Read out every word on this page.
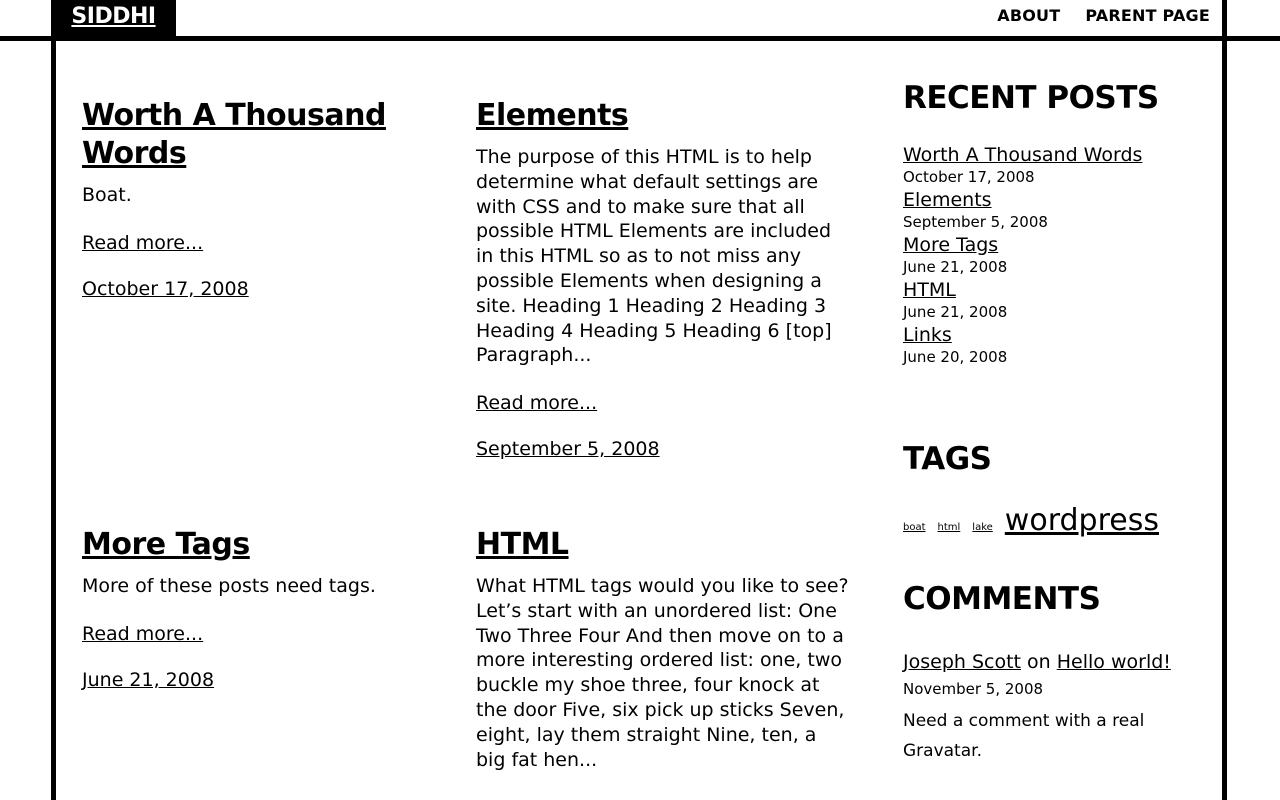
SIDDHI	ABOUT PARENT PAGE
Worth A Thousand Words
Boat.
Read more...
October 17, 2008
Elements
The purpose of this HTML is to help determine what default settings are with CSS and to make sure that all possible HTML Elements are included in this HTML so as to not miss any possible Elements when designing a site. Heading 1 Heading 2 Heading 3 Heading 4 Heading 5 Heading 6 [top] Paragraph...
Read more...
September 5, 2008
More Tags
More of these posts need tags.
Read more...
June 21, 2008
HTML
What HTML tags would you like to see? Let’s start with an unordered list: One Two Three Four And then move on to a more interesting ordered list: one, two buckle my shoe three, four knock at the door Five, six pick up sticks Seven, eight, lay them straight Nine, ten, a big fat hen...
RECENT POSTS
Worth A Thousand Words
October 17, 2008
Elements
September 5, 2008
More Tags
June 21, 2008
HTML
June 21, 2008
Links
June 20, 2008
TAGS
boat html lake wordpress
COMMENTS
Joseph Scott on Hello world!
November 5, 2008
Need a comment with a real Gravatar.
